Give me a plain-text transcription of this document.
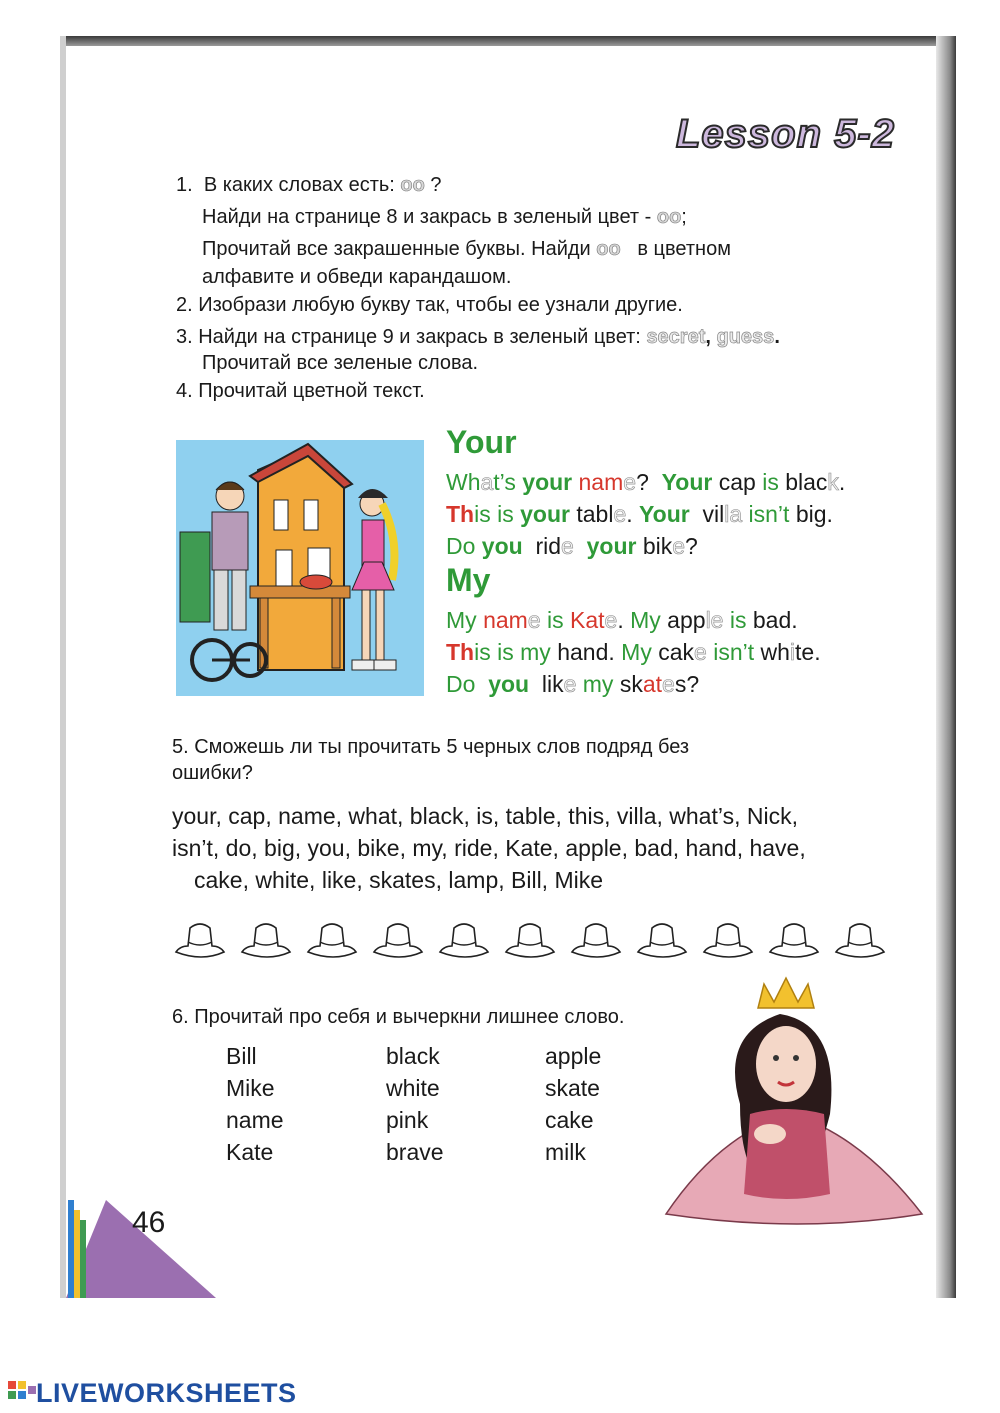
Lesson 5-2
1. В каких словах есть: oo ?
Найди на странице 8 и закрась в зеленый цвет - oo;
Прочитай все закрашенные буквы. Найди oo в цветном
алфавите и обведи карандашом.
2. Изобрази любую букву так, чтобы ее узнали другие.
3. Найди на странице 9 и закрась в зеленый цвет: secret, guess.
Прочитай все зеленые слова.
4. Прочитай цветной текст.
Your
What’s your name?  Your cap is black.
This is your table. Your  villa isn’t big.
Do you  ride your bike?
My
My name is Kate. My apple is bad.
This is my hand. My cake isn’t white.
Do you  like my skates?
5. Сможешь ли ты прочитать 5 черных слов подряд без
ошибки?
your, cap, name, what, black, is, table, this, villa, what’s, Nick,
isn’t, do, big, you, bike, my, ride, Kate, apple, bad, hand, have,
cake, white, like, skates, lamp, Bill, Mike
6. Прочитай про себя и вычеркни лишнее слово.
Bill
Mike
name
Kate
black
white
pink
brave
apple
skate
cake
milk
46
LIVEWORKSHEETS
